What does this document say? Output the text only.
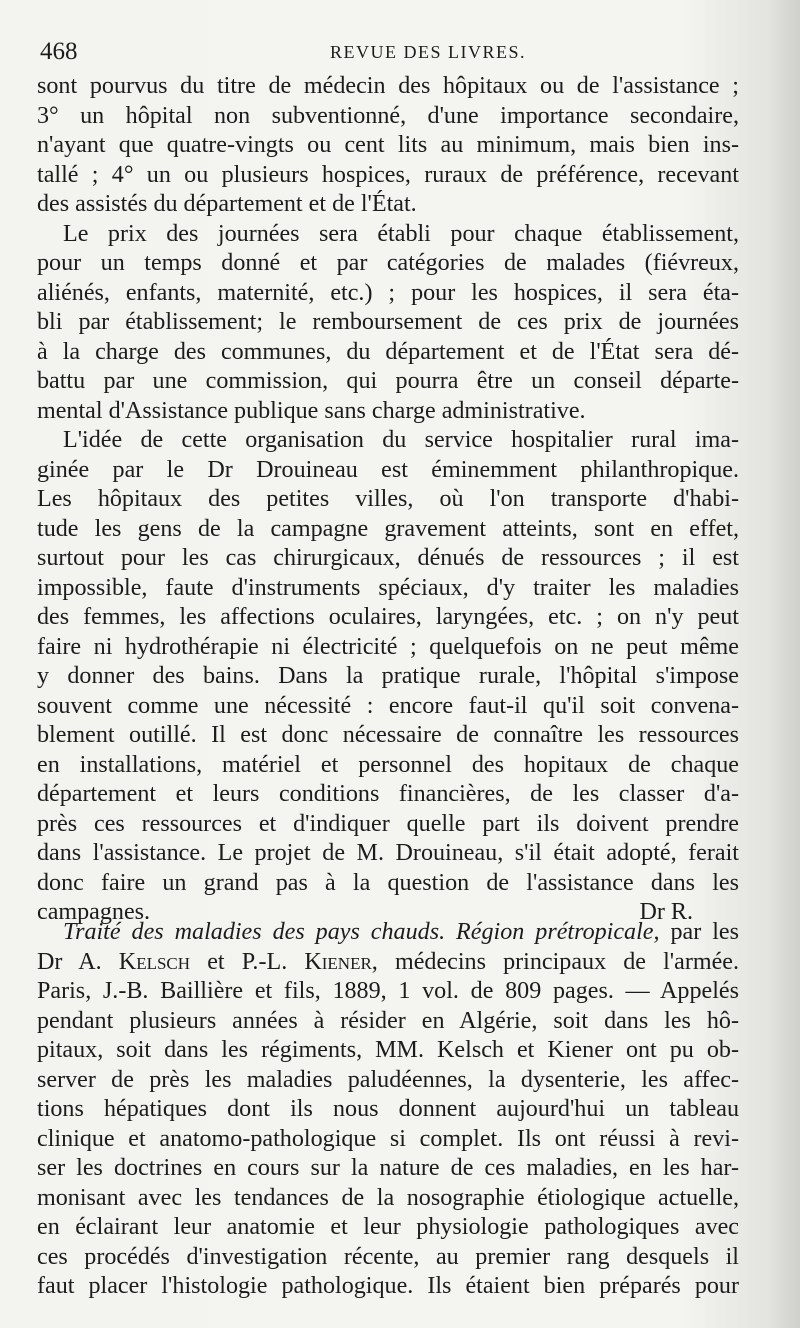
468	REVUE DES LIVRES.
sont pourvus du titre de médecin des hôpitaux ou de l'assistance ;
3° un hôpital non subventionné, d'une importance secondaire,
n'ayant que quatre-vingts ou cent lits au minimum, mais bien ins-
tallé ; 4° un ou plusieurs hospices, ruraux de préférence, recevant
des assistés du département et de l'État.
Le prix des journées sera établi pour chaque établissement,
pour un temps donné et par catégories de malades (fiévreux,
aliénés, enfants, maternité, etc.) ; pour les hospices, il sera éta-
bli par établissement; le remboursement de ces prix de journées
à la charge des communes, du département et de l'État sera dé-
battu par une commission, qui pourra être un conseil départe-
mental d'Assistance publique sans charge administrative.
L'idée de cette organisation du service hospitalier rural ima-
ginée par le Dr Drouineau est éminemment philanthropique.
Les hôpitaux des petites villes, où l'on transporte d'habi-
tude les gens de la campagne gravement atteints, sont en effet,
surtout pour les cas chirurgicaux, dénués de ressources ; il est
impossible, faute d'instruments spéciaux, d'y traiter les maladies
des femmes, les affections oculaires, laryngées, etc. ; on n'y peut
faire ni hydrothérapie ni électricité ; quelquefois on ne peut même
y donner des bains. Dans la pratique rurale, l'hôpital s'impose
souvent comme une nécessité : encore faut-il qu'il soit convena-
blement outillé. Il est donc nécessaire de connaître les ressources
en installations, matériel et personnel des hopitaux de chaque
département et leurs conditions financières, de les classer d'a-
près ces ressources et d'indiquer quelle part ils doivent prendre
dans l'assistance. Le projet de M. Drouineau, s'il était adopté, ferait
donc faire un grand pas à la question de l'assistance dans les
campagnes.	Dr R.
Traité des maladies des pays chauds. Région prétropicale, par les
Dr A. Kelsch et P.-L. Kiener, médecins principaux de l'armée.
Paris, J.-B. Baillière et fils, 1889, 1 vol. de 809 pages. — Appelés
pendant plusieurs années à résider en Algérie, soit dans les hô-
pitaux, soit dans les régiments, MM. Kelsch et Kiener ont pu ob-
server de près les maladies paludéennes, la dysenterie, les affec-
tions hépatiques dont ils nous donnent aujourd'hui un tableau
clinique et anatomo-pathologique si complet. Ils ont réussi à revi-
ser les doctrines en cours sur la nature de ces maladies, en les har-
monisant avec les tendances de la nosographie étiologique actuelle,
en éclairant leur anatomie et leur physiologie pathologiques avec
ces procédés d'investigation récente, au premier rang desquels il
faut placer l'histologie pathologique. Ils étaient bien préparés pour
